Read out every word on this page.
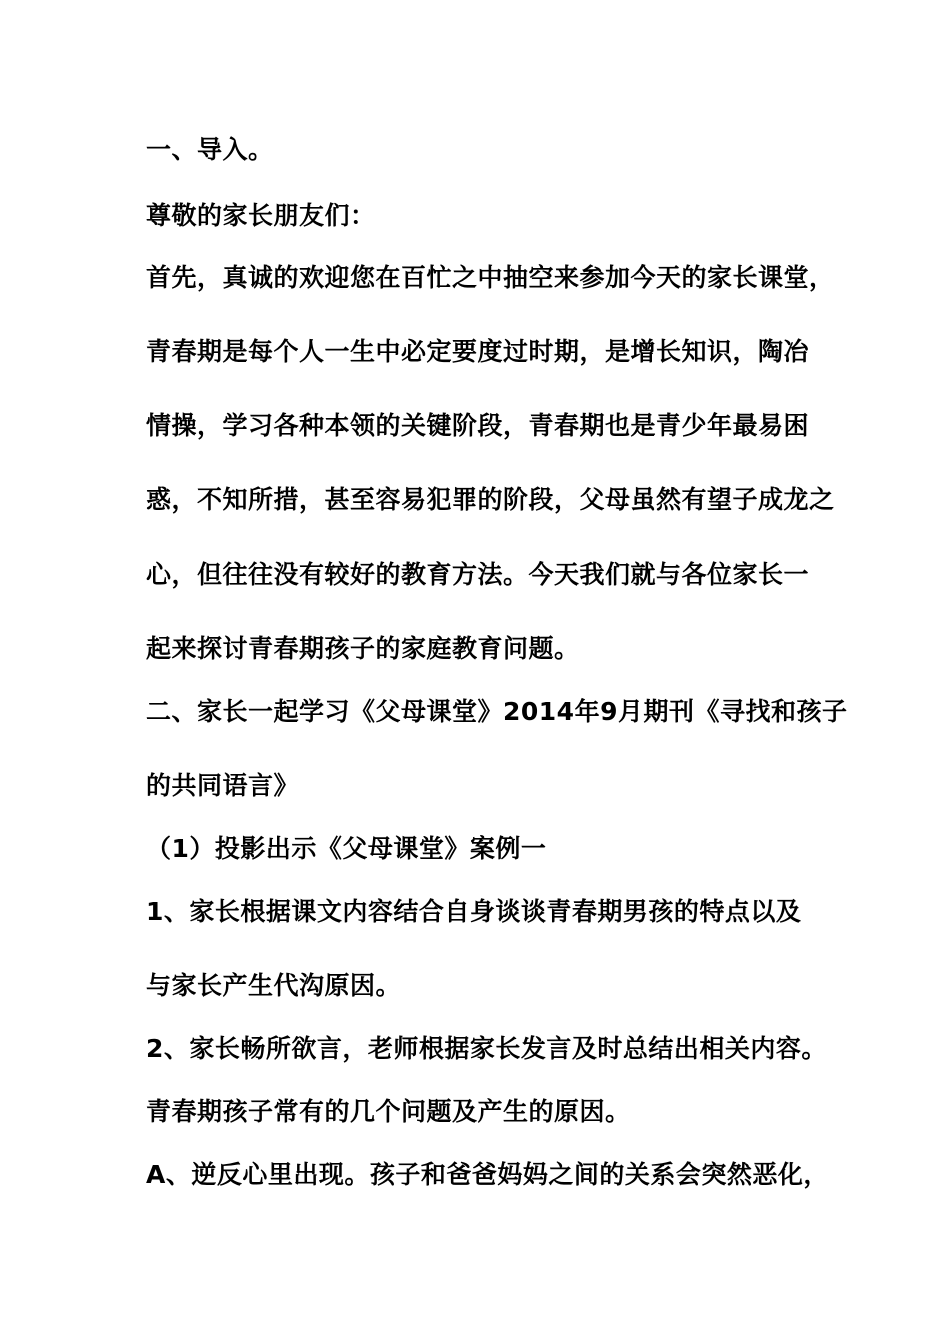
一、导入。
尊敬的家长朋友们：
首先，真诚的欢迎您在百忙之中抽空来参加今天的家长课堂，
青春期是每个人一生中必定要度过时期，是增长知识，陶冶
情操，学习各种本领的关键阶段，青春期也是青少年最易困
惑，不知所措，甚至容易犯罪的阶段，父母虽然有望子成龙之
心，但往往没有较好的教育方法。今天我们就与各位家长一
起来探讨青春期孩子的家庭教育问题。
二、家长一起学习《父母课堂》2014年9月期刊《寻找和孩子
的共同语言》
（1）投影出示《父母课堂》案例一
1、家长根据课文内容结合自身谈谈青春期男孩的特点以及
与家长产生代沟原因。
2、家长畅所欲言，老师根据家长发言及时总结出相关内容。
青春期孩子常有的几个问题及产生的原因。
A、逆反心里出现。孩子和爸爸妈妈之间的关系会突然恶化，
